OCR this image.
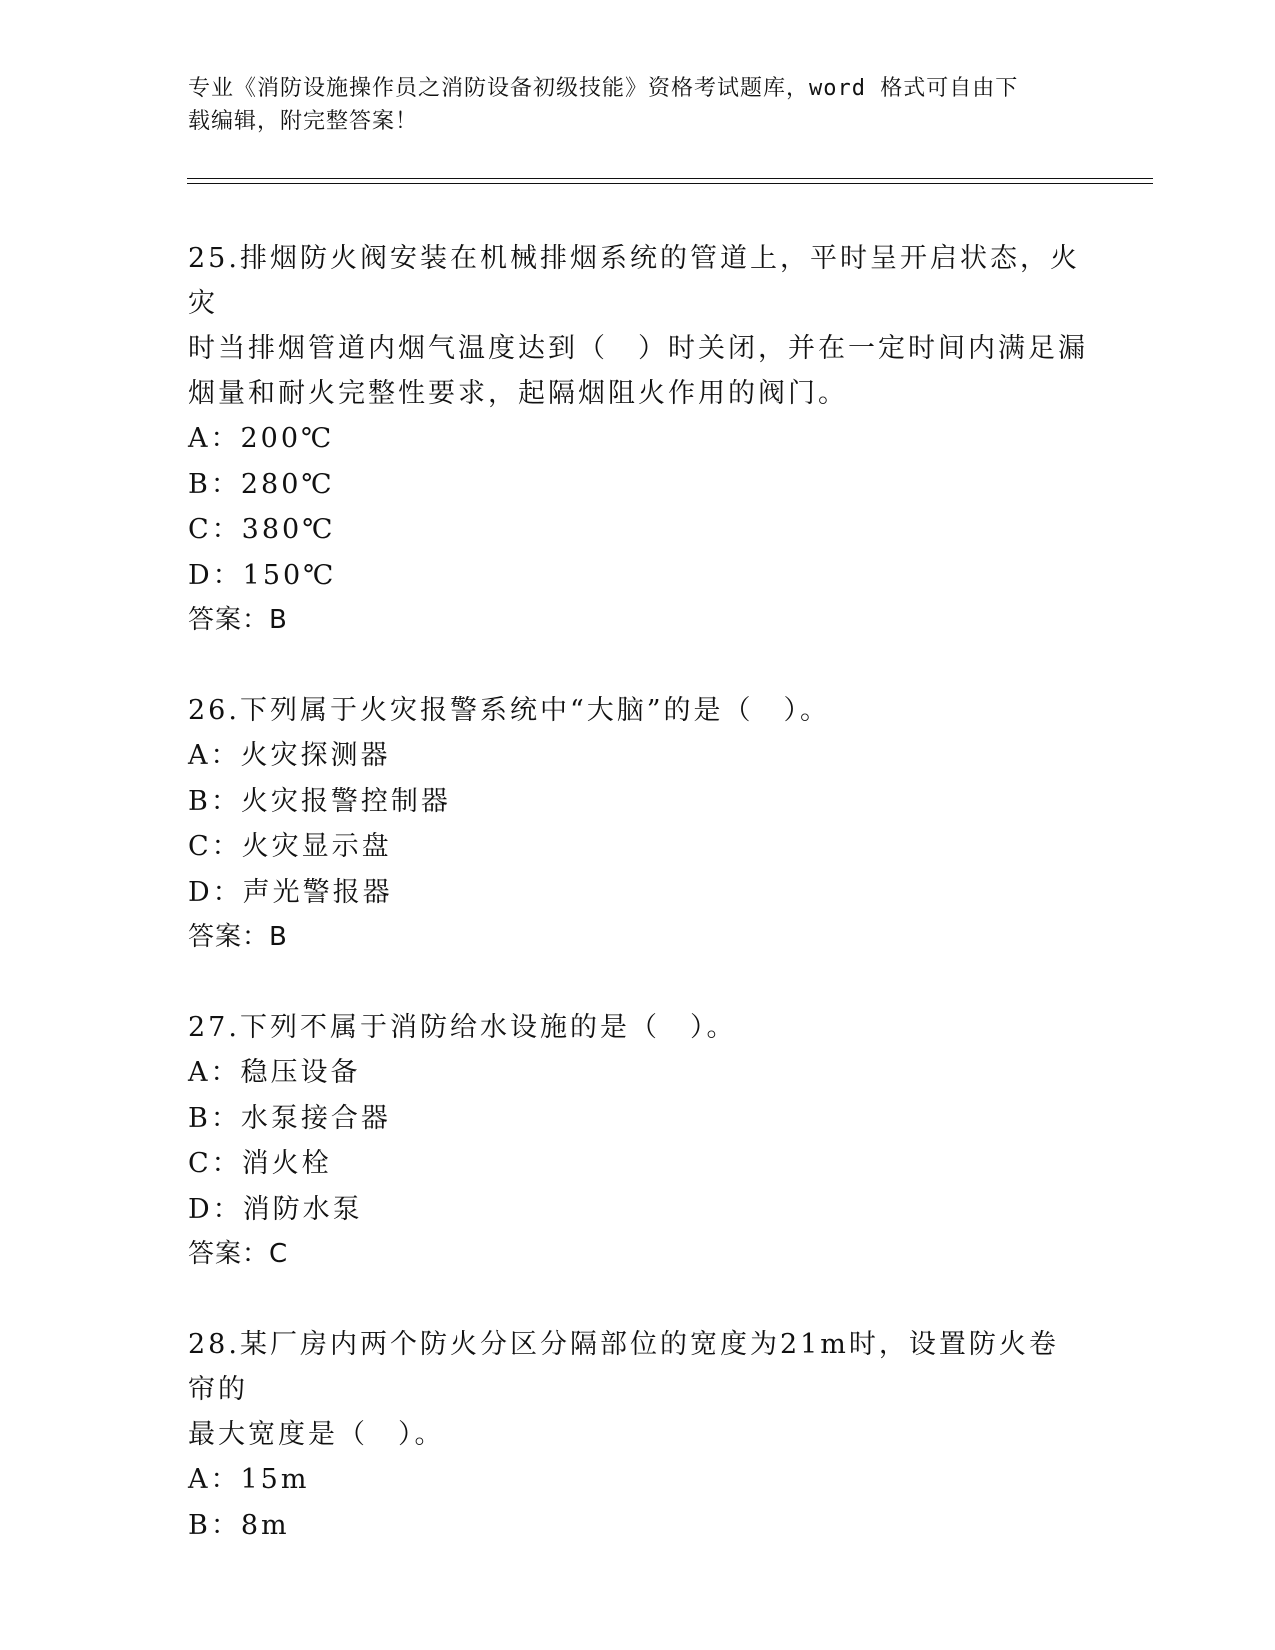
专业《消防设施操作员之消防设备初级技能》资格考试题库，word 格式可自由下
载编辑，附完整答案！

25.排烟防火阀安装在机械排烟系统的管道上，平时呈开启状态，火灾

时当排烟管道内烟气温度达到（　）时关闭，并在一定时间内满足漏

烟量和耐火完整性要求，起隔烟阻火作用的阀门。

A：200℃

B：280℃

C：380℃

D：150℃

答案：B

26.下列属于火灾报警系统中“大脑”的是（　）。

A：火灾探测器

B：火灾报警控制器

C：火灾显示盘

D：声光警报器

答案：B

27.下列不属于消防给水设施的是（　）。

A：稳压设备

B：水泵接合器

C：消火栓

D：消防水泵

答案：C

28.某厂房内两个防火分区分隔部位的宽度为21m时，设置防火卷帘的

最大宽度是（　）。

A：15m

B：8m
